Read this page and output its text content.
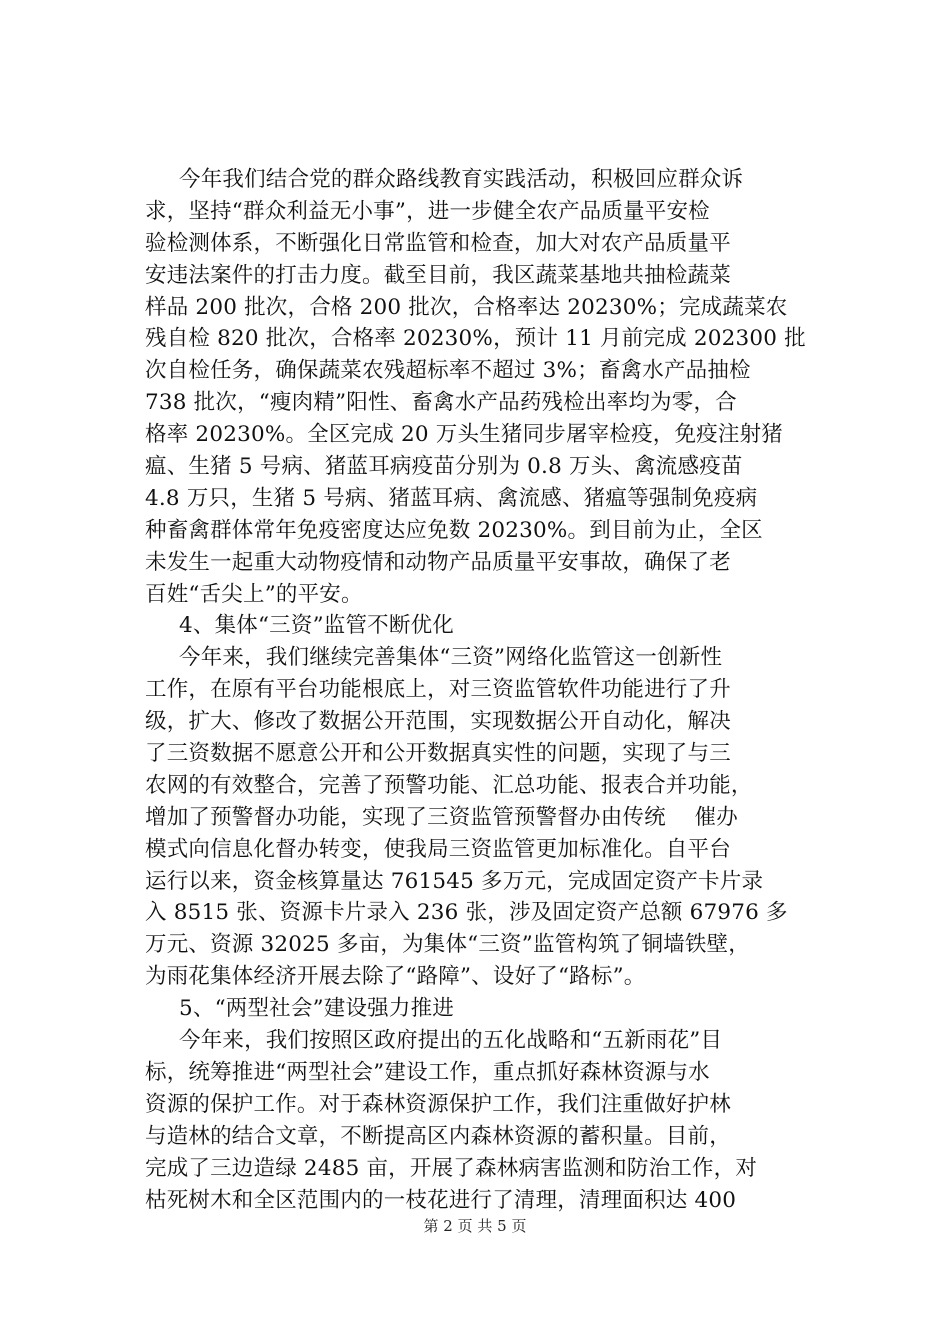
今年我们结合党的群众路线教育实践活动，积极回应群众诉
求，坚持“群众利益无小事”，进一步健全农产品质量平安检
验检测体系，不断强化日常监管和检查，加大对农产品质量平
安违法案件的打击力度。截至目前，我区蔬菜基地共抽检蔬菜
样品 200 批次，合格 200 批次，合格率达 20230%；完成蔬菜农
残自检 820 批次，合格率 20230%，预计 11 月前完成 202300 批
次自检任务，确保蔬菜农残超标率不超过 3%；畜禽水产品抽检
738 批次，“瘦肉精”阳性、畜禽水产品药残检出率均为零，合
格率 20230%。全区完成 20 万头生猪同步屠宰检疫，免疫注射猪
瘟、生猪 5 号病、猪蓝耳病疫苗分别为 0.8 万头、禽流感疫苗
4.8 万只，生猪 5 号病、猪蓝耳病、禽流感、猪瘟等强制免疫病
种畜禽群体常年免疫密度达应免数 20230%。到目前为止，全区
未发生一起重大动物疫情和动物产品质量平安事故，确保了老
百姓“舌尖上”的平安。
4、集体“三资”监管不断优化
今年来，我们继续完善集体“三资”网络化监管这一创新性
工作，在原有平台功能根底上，对三资监管软件功能进行了升
级，扩大、修改了数据公开范围，实现数据公开自动化，解决
了三资数据不愿意公开和公开数据真实性的问题，实现了与三
农网的有效整合，完善了预警功能、汇总功能、报表合并功能，
增加了预警督办功能，实现了三资监管预警督办由传统　 催办
模式向信息化督办转变，使我局三资监管更加标准化。自平台
运行以来，资金核算量达 761545 多万元，完成固定资产卡片录
入 8515 张、资源卡片录入 236 张，涉及固定资产总额 67976 多
万元、资源 32025 多亩，为集体“三资”监管构筑了铜墙铁壁，
为雨花集体经济开展去除了“路障”、设好了“路标”。
5、“两型社会”建设强力推进
今年来，我们按照区政府提出的五化战略和“五新雨花”目
标，统筹推进“两型社会”建设工作，重点抓好森林资源与水
资源的保护工作。对于森林资源保护工作，我们注重做好护林
与造林的结合文章，不断提高区内森林资源的蓄积量。目前，
完成了三边造绿 2485 亩，开展了森林病害监测和防治工作，对
枯死树木和全区范围内的一枝花进行了清理，清理面积达 400
第 2 页 共 5 页
